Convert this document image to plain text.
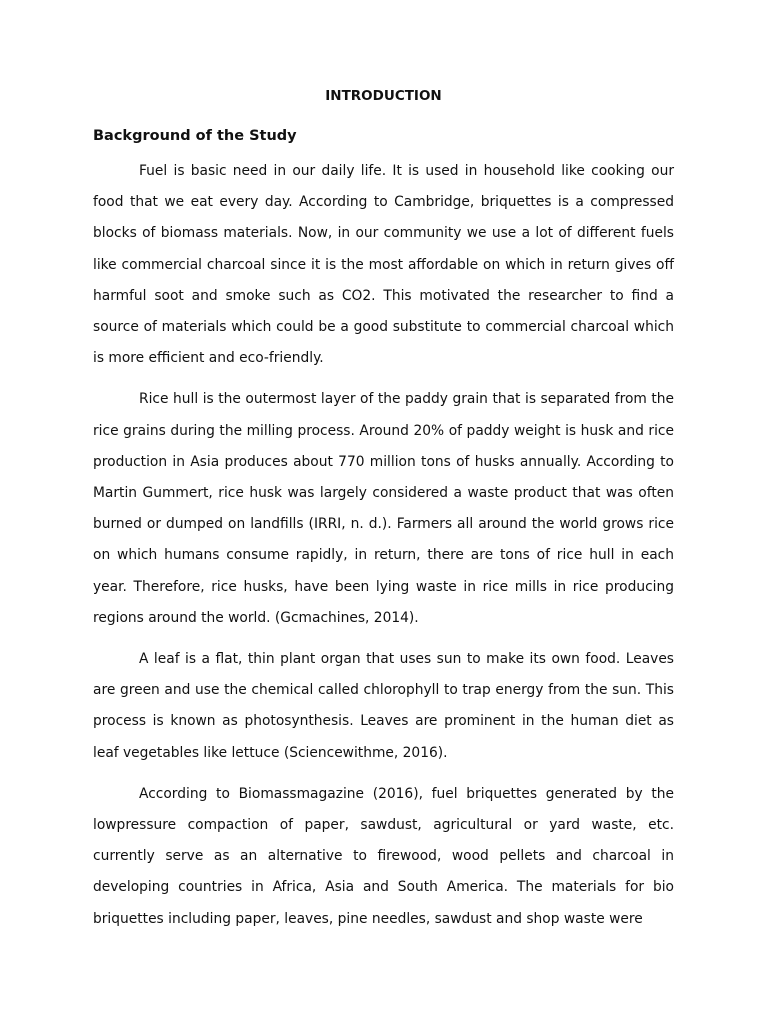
INTRODUCTION
Background of the Study

Fuel is basic need in our daily life. It is used in household like cooking our food that we eat every day. According to Cambridge, briquettes is a compressed blocks of biomass materials. Now, in our community we use a lot of different fuels like commercial charcoal since it is the most affordable on which in return gives off harmful soot and smoke such as CO2. This motivated the researcher to find a source of materials which could be a good substitute to commercial charcoal which is more efficient and eco-friendly.

Rice hull is the outermost layer of the paddy grain that is separated from the rice grains during the milling process. Around 20% of paddy weight is husk and rice production in Asia produces about 770 million tons of husks annually. According to Martin Gummert, rice husk was largely considered a waste product that was often burned or dumped on landfills (IRRI, n. d.). Farmers all around the world grows rice on which humans consume rapidly, in return, there are tons of rice hull in each year. Therefore, rice husks, have been lying waste in rice mills in rice producing regions around the world. (Gcmachines, 2014).

A leaf is a flat, thin plant organ that uses sun to make its own food. Leaves are green and use the chemical called chlorophyll to trap energy from the sun. This process is known as photosynthesis. Leaves are prominent in the human diet as leaf vegetables like lettuce (Sciencewithme, 2016).

According to Biomassmagazine (2016), fuel briquettes generated by the lowpressure compaction of paper, sawdust, agricultural or yard waste, etc. currently serve as an alternative to firewood, wood pellets and charcoal in developing countries in Africa, Asia and South America. The materials for bio briquettes including paper, leaves, pine needles, sawdust and shop waste were
